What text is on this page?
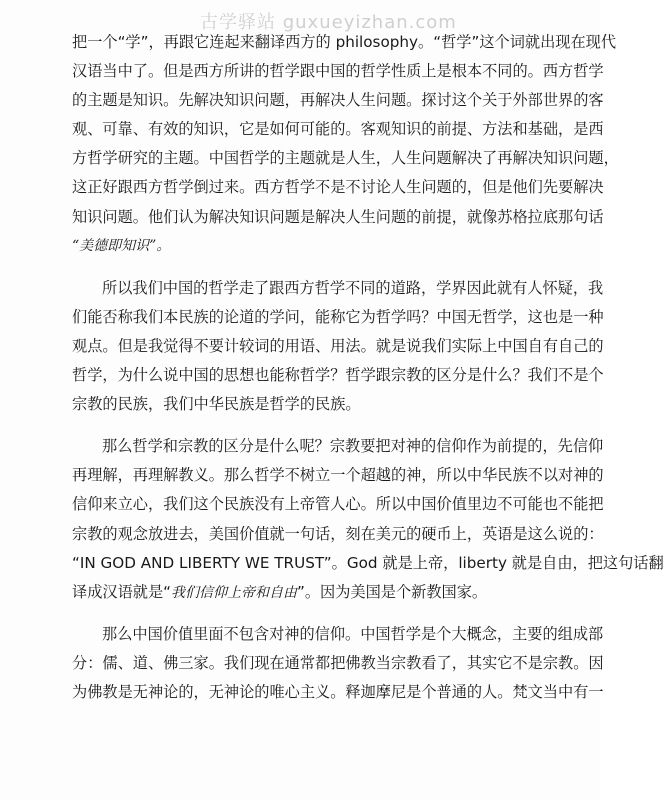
古学驿站 guxueyizhan.com
把一个“学”，再跟它连起来翻译西方的 philosophy。“哲学”这个词就出现在现代
汉语当中了。但是西方所讲的哲学跟中国的哲学性质上是根本不同的。西方哲学
的主题是知识。先解决知识问题，再解决人生问题。探讨这个关于外部世界的客
观、可靠、有效的知识，它是如何可能的。客观知识的前提、方法和基础，是西
方哲学研究的主题。中国哲学的主题就是人生，人生问题解决了再解决知识问题，
这正好跟西方哲学倒过来。西方哲学不是不讨论人生问题的，但是他们先要解决
知识问题。他们认为解决知识问题是解决人生问题的前提，就像苏格拉底那句话
“美德即知识”。
所以我们中国的哲学走了跟西方哲学不同的道路，学界因此就有人怀疑，我
们能否称我们本民族的论道的学问，能称它为哲学吗？中国无哲学，这也是一种
观点。但是我觉得不要计较词的用语、用法。就是说我们实际上中国自有自己的
哲学，为什么说中国的思想也能称哲学？哲学跟宗教的区分是什么？我们不是个
宗教的民族，我们中华民族是哲学的民族。
那么哲学和宗教的区分是什么呢？宗教要把对神的信仰作为前提的，先信仰
再理解，再理解教义。那么哲学不树立一个超越的神，所以中华民族不以对神的
信仰来立心，我们这个民族没有上帝管人心。所以中国价值里边不可能也不能把
宗教的观念放进去，美国价值就一句话，刻在美元的硬币上，英语是这么说的：
“IN GOD AND LIBERTY WE TRUST”。God 就是上帝，liberty 就是自由，把这句话翻
译成汉语就是“我们信仰上帝和自由”。因为美国是个新教国家。
那么中国价值里面不包含对神的信仰。中国哲学是个大概念，主要的组成部
分：儒、道、佛三家。我们现在通常都把佛教当宗教看了，其实它不是宗教。因
为佛教是无神论的，无神论的唯心主义。释迦摩尼是个普通的人。梵文当中有一
